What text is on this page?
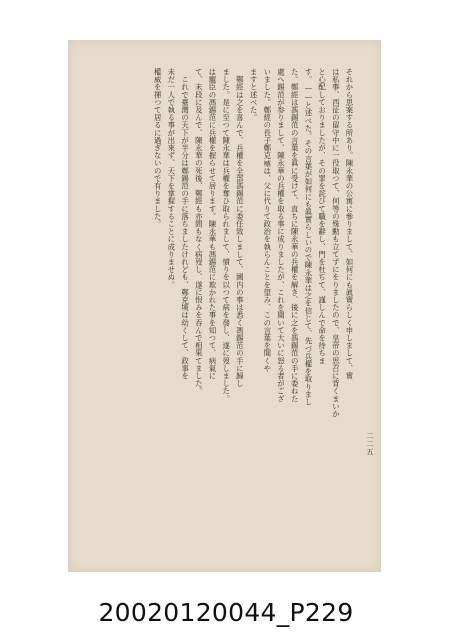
それから思案する所あり。陳永華の公寓に參りまして、如何にも眞實らしく申しまして、實

は私事、西征の留守中に一役取つて、何等の殊勳も立てずにをりましたので、皇帝の思召に背くまいか

と心配しておりましたが、その罪を詫びて職を辭し、門を杜ぢて、謹しんで命を待ちま

す。——と述べた。その言葉が如何にも眞實らしいので陳永華は之を信じて、先づ兵權を取りまし

た。鄭經は馮錫范の言葉を眞に受けて、直ちに陳永華の兵權を解き、後に之を馮錫范の手に委ねた

處へ錫范が参りまして、陳永華の兵權を取る事に成りましたが、これを聞いて大いに怒る者がござ

いました。鄭經の長子鄭克𡒉は、父に代りて政治を執らんことを望み、この言葉を聞くや

ますと述べた。

　鄭經は之を喜んで、兵權を全部馮錫范に委任致しまして、國内の事は悉く馮錫范の手に歸し

ました。是に至つて陳永華は兵權を奪ひ取られまして、憤りを以つて病を發し、遂に歿しました。

は寵臣の馮錫范に兵權を握らせて居ります。陳永華も馮錫范に欺かれた事を知つて、病氣に

て、末段に及んで、陳永華の死後、鄭經も亦間もなく病歿し、遂に恨みを吞んで相果てました。

　これで臺灣の天下が半分は鄭錫范の手に落ちましたけれども、鄭克塽は幼くして、政事を

未だ一人で執る事が出來ず、天下を掌握することに成りませぬ。

權威を揮つて居るに過ぎないので有りました。

二二五
20020120044_P229
